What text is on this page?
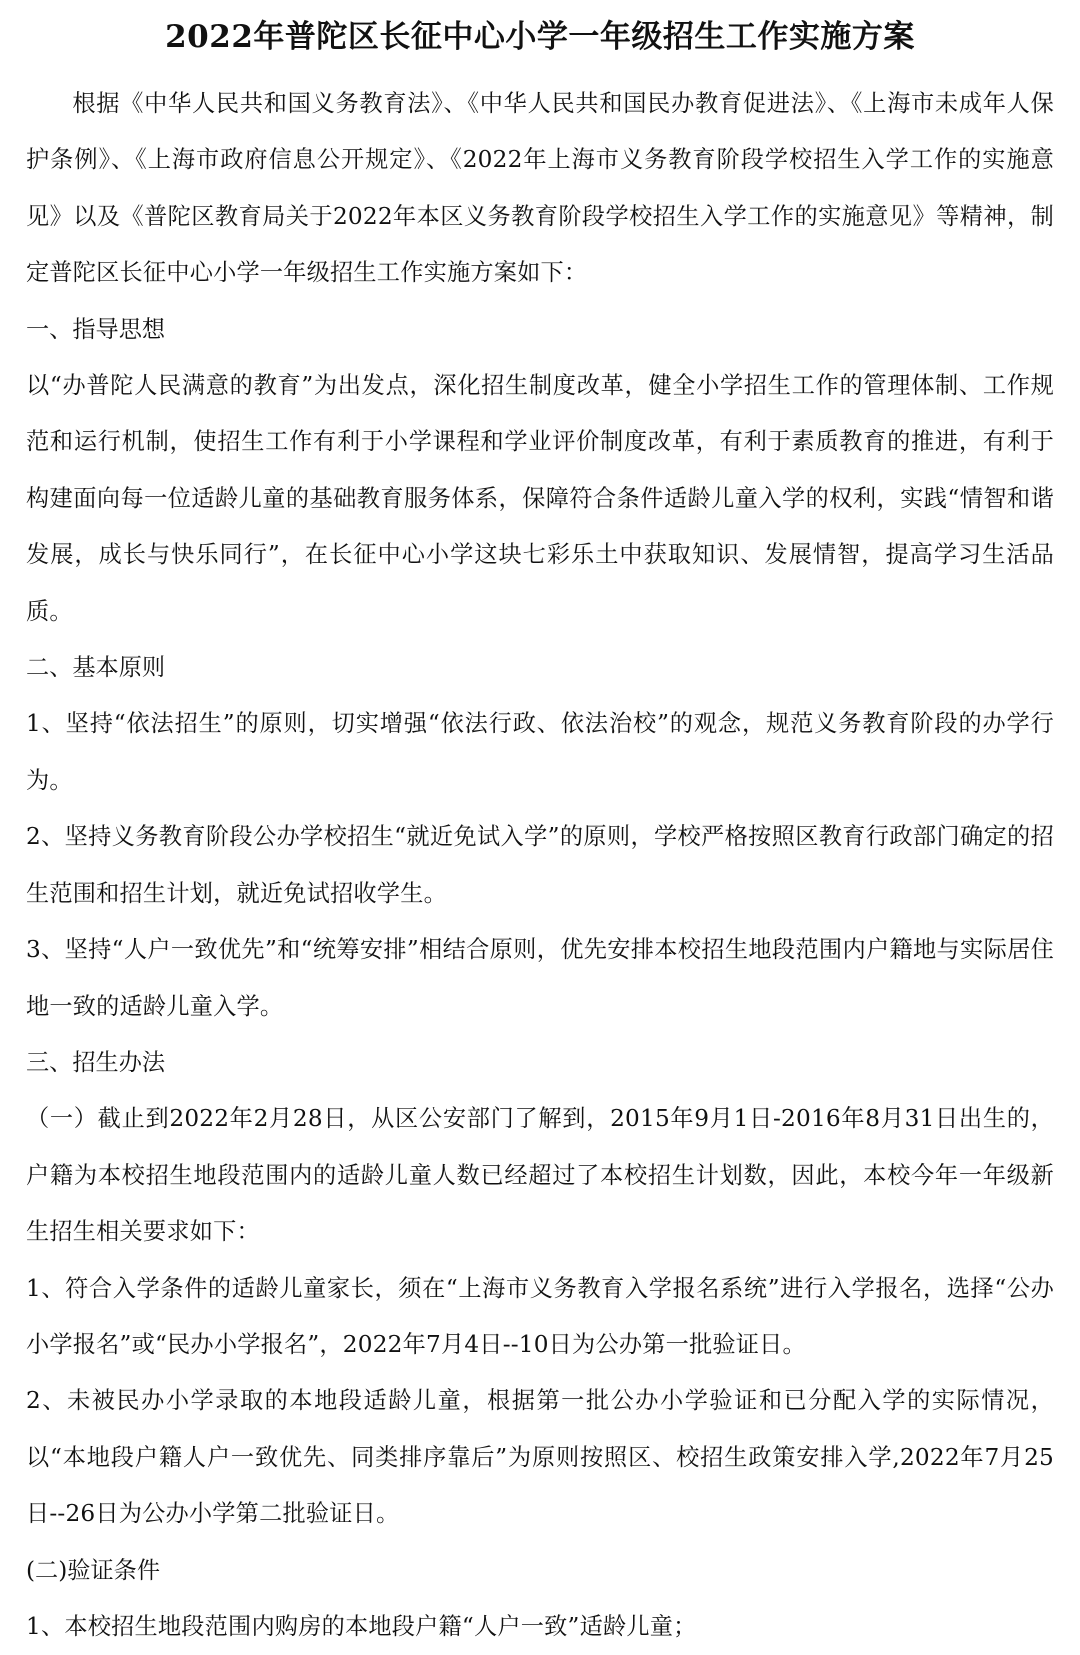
2022年普陀区长征中心小学一年级招生工作实施方案

根据《中华人民共和国义务教育法》、《中华人民共和国民办教育促进法》、《上海市未成年人保护条例》、《上海市政府信息公开规定》、《2022年上海市义务教育阶段学校招生入学工作的实施意见》以及《普陀区教育局关于2022年本区义务教育阶段学校招生入学工作的实施意见》等精神，制定普陀区长征中心小学一年级招生工作实施方案如下：

一、指导思想

以“办普陀人民满意的教育”为出发点，深化招生制度改革，健全小学招生工作的管理体制、工作规范和运行机制，使招生工作有利于小学课程和学业评价制度改革，有利于素质教育的推进，有利于构建面向每一位适龄儿童的基础教育服务体系，保障符合条件适龄儿童入学的权利，实践“情智和谐发展，成长与快乐同行”，在长征中心小学这块七彩乐土中获取知识、发展情智，提高学习生活品质。

二、基本原则

1、坚持“依法招生”的原则，切实增强“依法行政、依法治校”的观念，规范义务教育阶段的办学行为。

2、坚持义务教育阶段公办学校招生“就近免试入学”的原则，学校严格按照区教育行政部门确定的招生范围和招生计划，就近免试招收学生。

3、坚持“人户一致优先”和“统筹安排”相结合原则，优先安排本校招生地段范围内户籍地与实际居住地一致的适龄儿童入学。

三、招生办法

（一）截止到2022年2月28日，从区公安部门了解到，2015年9月1日-2016年8月31日出生的，户籍为本校招生地段范围内的适龄儿童人数已经超过了本校招生计划数，因此，本校今年一年级新生招生相关要求如下：

1、符合入学条件的适龄儿童家长，须在“上海市义务教育入学报名系统”进行入学报名，选择“公办小学报名”或“民办小学报名”，2022年7月4日--10日为公办第一批验证日。

2、未被民办小学录取的本地段适龄儿童，根据第一批公办小学验证和已分配入学的实际情况，以“本地段户籍人户一致优先、同类排序靠后”为原则按照区、校招生政策安排入学,2022年7月25日--26日为公办小学第二批验证日。

(二)验证条件

1、本校招生地段范围内购房的本地段户籍“人户一致”适龄儿童；
